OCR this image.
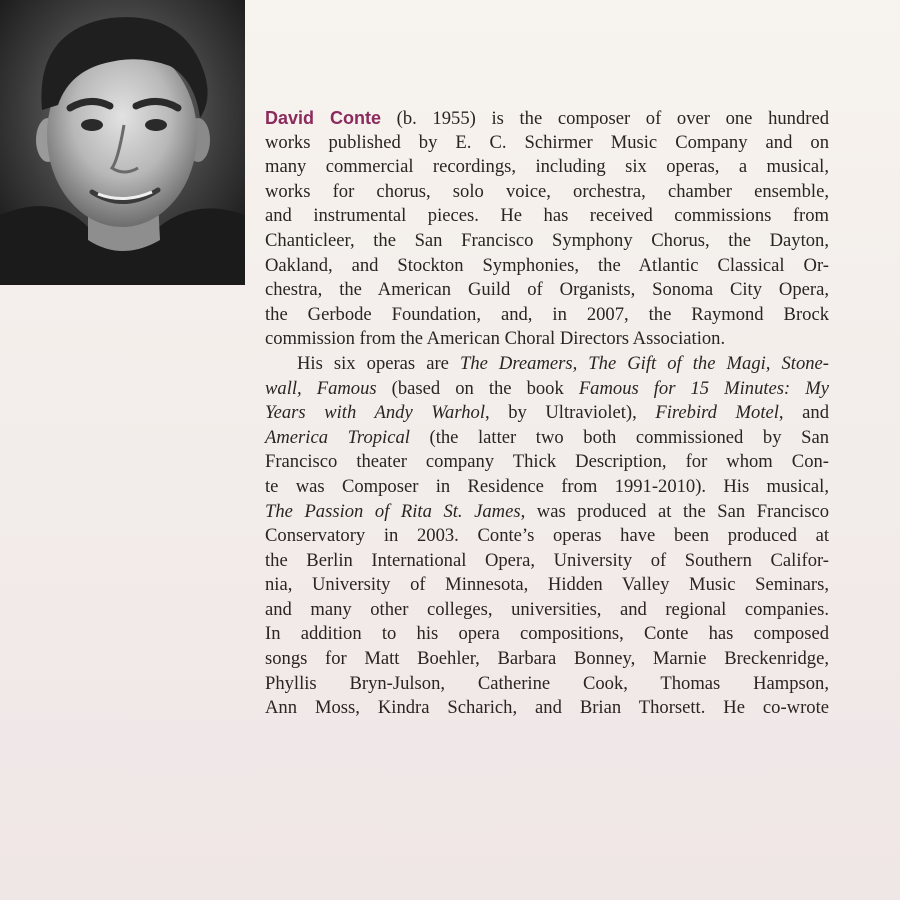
David Conte (b. 1955) is the composer of over one hundred
works published by E. C. Schirmer Music Company and on
many commercial recordings, including six operas, a musical,
works for chorus, solo voice, orchestra, chamber ensemble,
and instrumental pieces. He has received commissions from
Chanticleer, the San Francisco Symphony Chorus, the Dayton,
Oakland, and Stockton Symphonies, the Atlantic Classical Or-
chestra, the American Guild of Organists, Sonoma City Opera,
the Gerbode Foundation, and, in 2007, the Raymond Brock
commission from the American Choral Directors Association.
His six operas are The Dreamers, The Gift of the Magi, Stone-
wall, Famous (based on the book Famous for 15 Minutes: My
Years with Andy Warhol, by Ultraviolet), Firebird Motel, and
America Tropical (the latter two both commissioned by San
Francisco theater company Thick Description, for whom Con-
te was Composer in Residence from 1991-2010). His musical,
The Passion of Rita St. James, was produced at the San Francisco
Conservatory in 2003. Conte’s operas have been produced at
the Berlin International Opera, University of Southern Califor-
nia, University of Minnesota, Hidden Valley Music Seminars,
and many other colleges, universities, and regional companies.
In addition to his opera compositions, Conte has composed
songs for Matt Boehler, Barbara Bonney, Marnie Breckenridge,
Phyllis Bryn-Julson, Catherine Cook, Thomas Hampson,
Ann Moss, Kindra Scharich, and Brian Thorsett. He co-wrote
